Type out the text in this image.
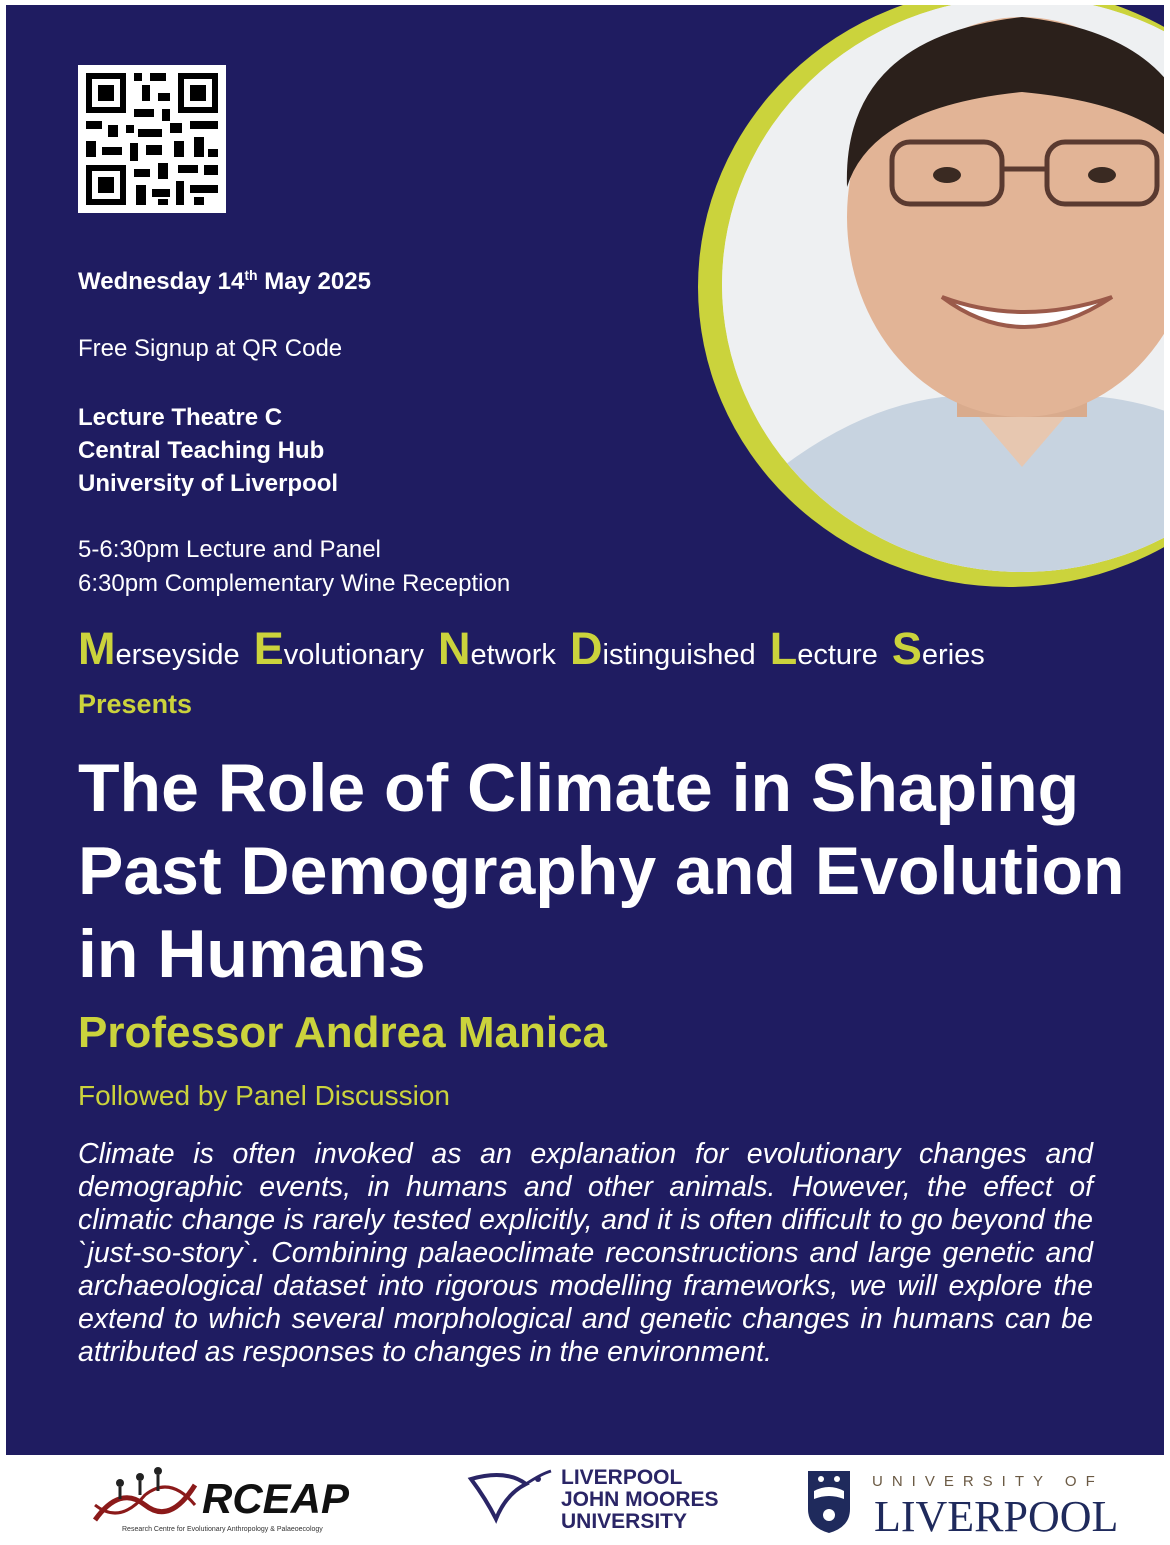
Wednesday 14th May 2025

Free Signup at QR Code

Lecture Theatre C
Central Teaching Hub
University of Liverpool
5-6:30pm Lecture and Panel
6:30pm Complementary Wine Reception

Merseyside Evolutionary Network Distinguished Lecture Series

Presents

The Role of Climate in Shaping Past Demography and Evolution in Humans

Professor Andrea Manica

Followed by Panel Discussion

Climate is often invoked as an explanation for evolutionary changes and demographic events, in humans and other animals. However, the effect of climatic change is rarely tested explicitly, and it is often difficult to go beyond the `just-so-story`. Combining palaeoclimate reconstructions and large genetic and archaeological dataset into rigorous modelling frameworks, we will explore the extend to which several morphological and genetic changes in humans can be attributed as responses to changes in the environment.

RCEAP

Research Centre for Evolutionary Anthropology & Palaeoecology

LIVERPOOL
JOHN MOORES
UNIVERSITY

UNIVERSITY OF

LIVERPOOL
